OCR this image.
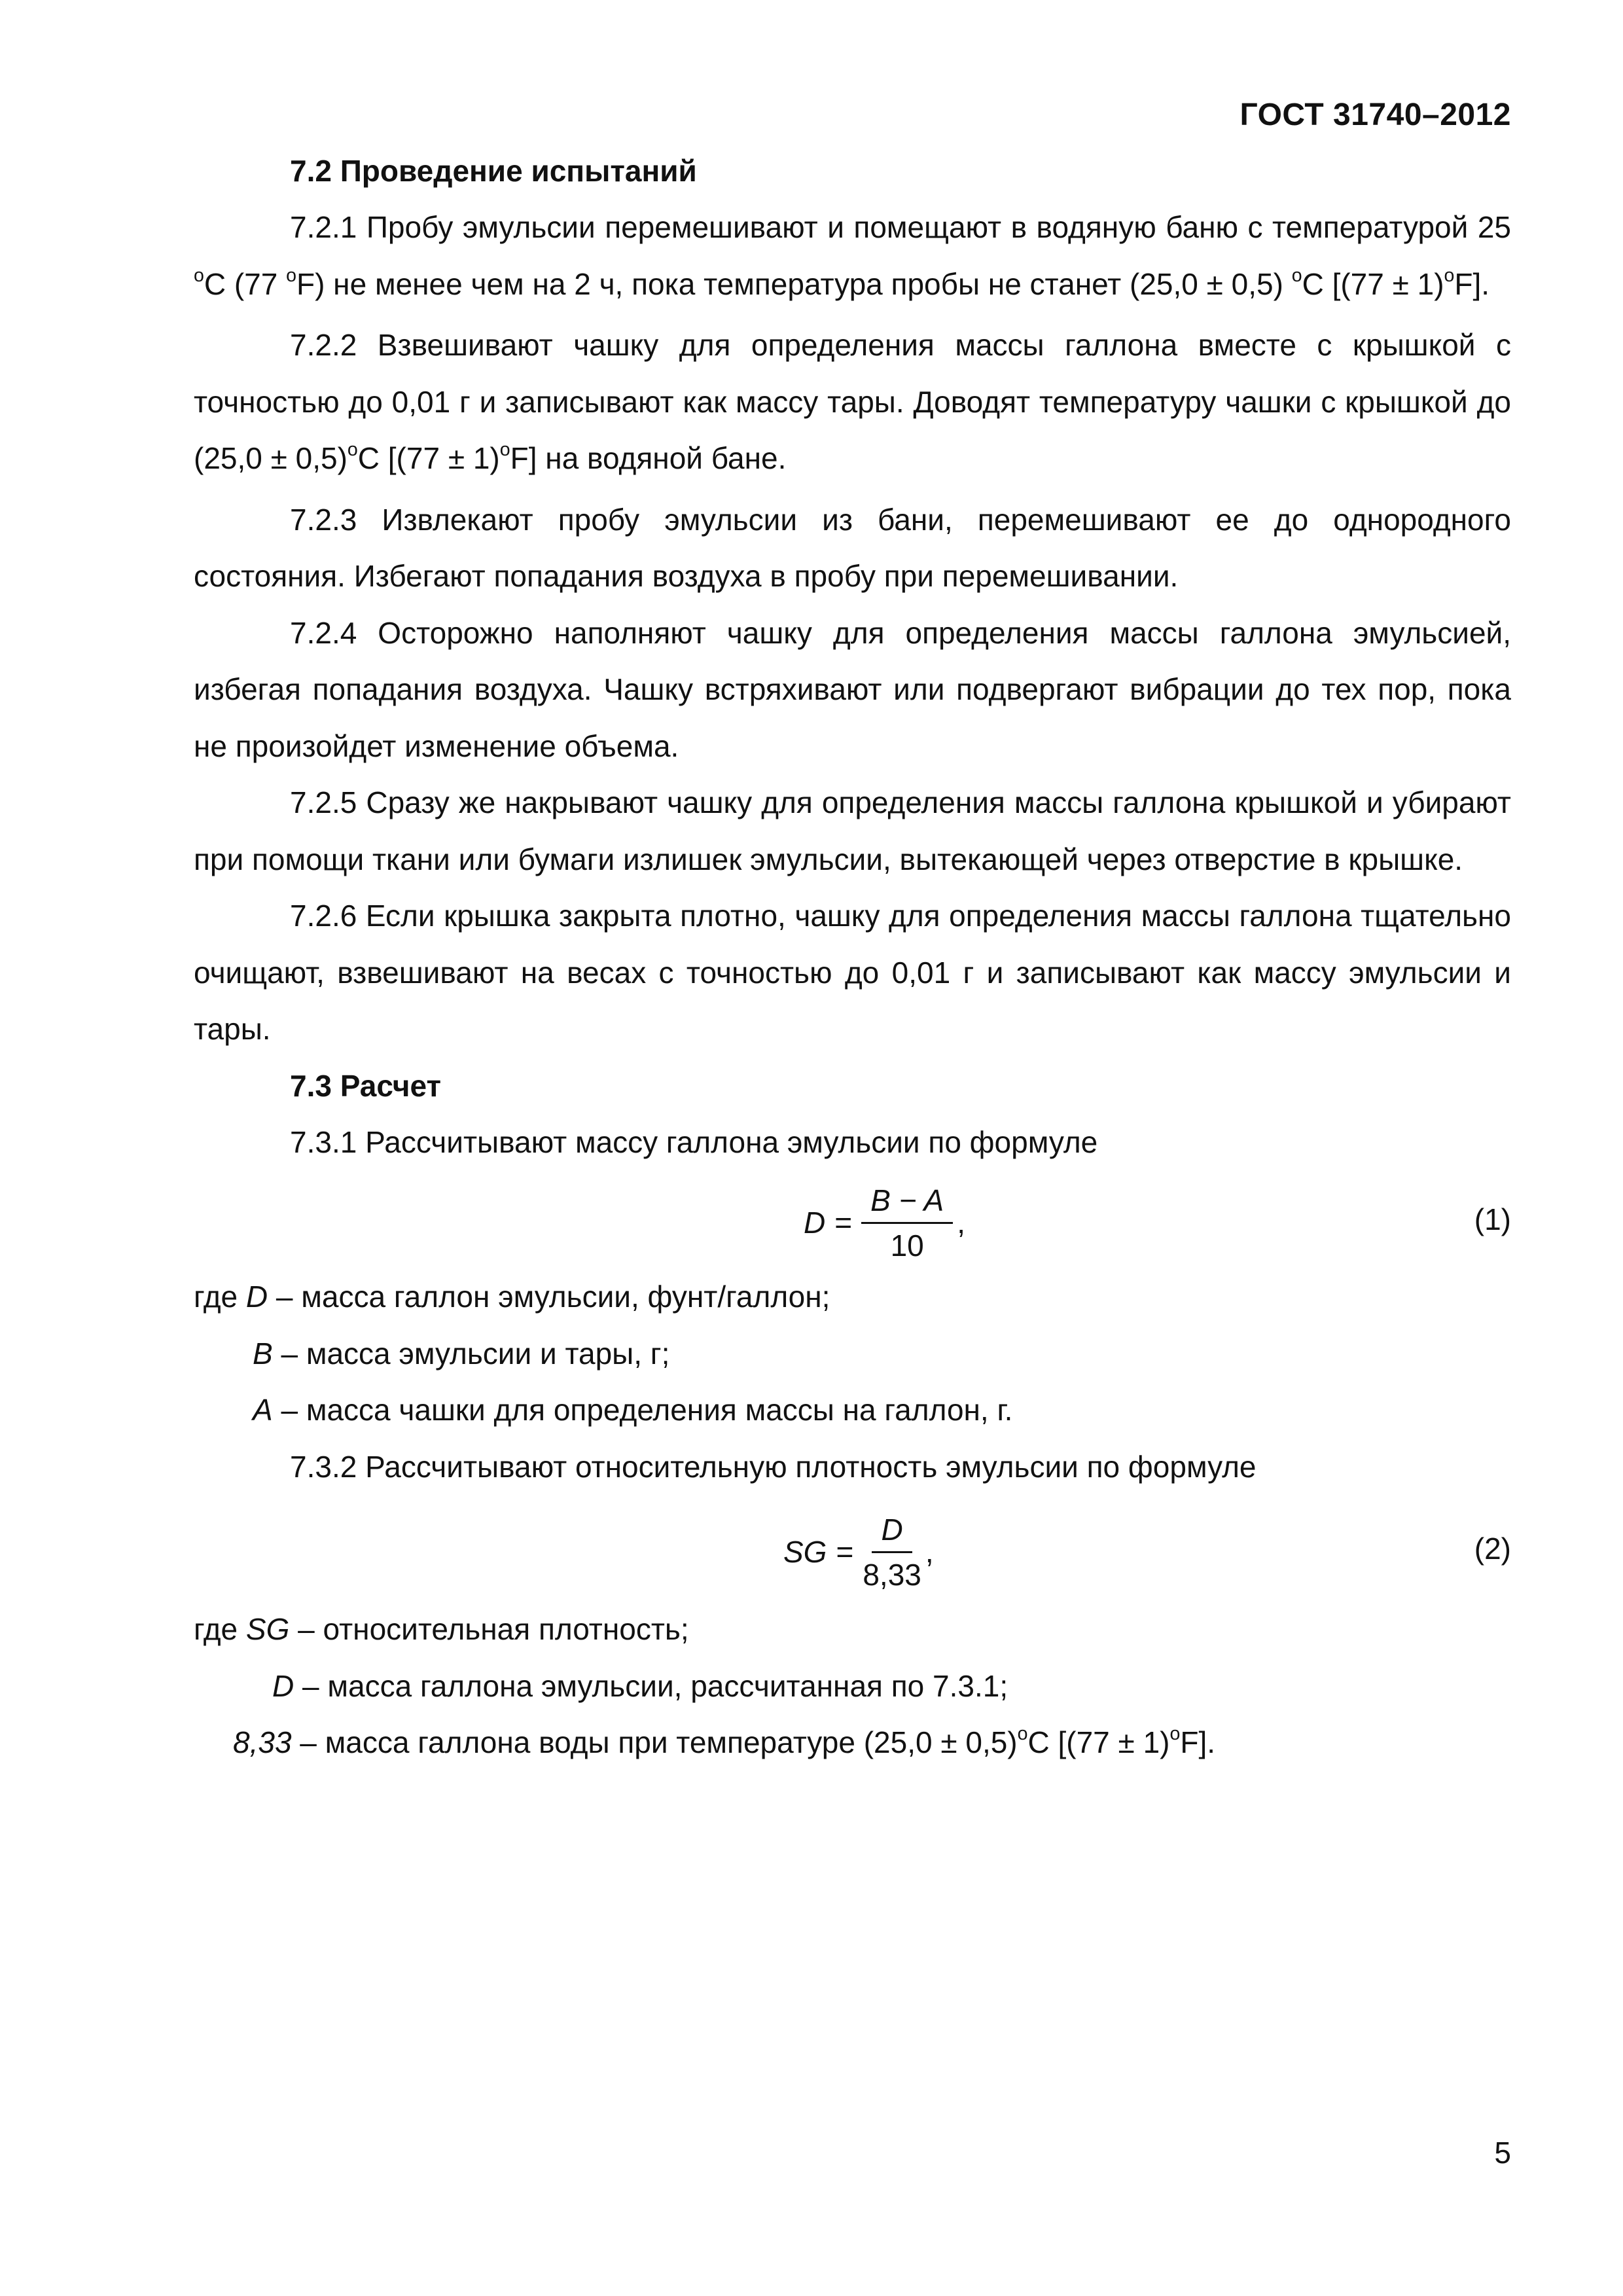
ГОСТ 31740–2012
7.2 Проведение испытаний

7.2.1 Пробу эмульсии перемешивают и помещают в водяную баню с температурой 25 $^o$С (77 $^o$F) не менее чем на 2 ч, пока температура пробы не станет (25,0 ± 0,5) $^o$С $[(77 \pm 1)^oF]$.

7.2.2 Взвешивают чашку для определения массы галлона вместе с крышкой с точностью до 0,01 г и записывают как массу тары. Доводят температуру чашки с крышкой до $(25,0 \pm 0,5)^oС$ $[(77 \pm 1)^oF]$ на водяной бане.

7.2.3 Извлекают пробу эмульсии из бани, перемешивают ее до однородного состояния. Избегают попадания воздуха в пробу при перемешивании.

7.2.4 Осторожно наполняют чашку для определения массы галлона эмульсией, избегая попадания воздуха. Чашку встряхивают или подвергают вибрации до тех пор, пока не произойдет изменение объема.

7.2.5 Сразу же накрывают чашку для определения массы галлона крышкой и убирают при помощи ткани или бумаги излишек эмульсии, вытекающей через отверстие в крышке.

7.2.6 Если крышка закрыта плотно, чашку для определения массы галлона тщательно очищают, взвешивают на весах с точностью до 0,01 г и записывают как массу эмульсии и тары.

7.3 Расчет

7.3.1 Рассчитывают массу галлона эмульсии по формуле

$D = \frac{B - A}{10}$ ,	(1)

где D – масса галлон эмульсии, фунт/галлон;

B – масса эмульсии и тары, г;

A – масса чашки для определения массы на галлон, г.

7.3.2 Рассчитывают относительную плотность эмульсии по формуле

SG = $\frac{D}{8,33}$ ,	(2)

где SG – относительная плотность;

D – масса галлона эмульсии, рассчитанная по 7.3.1;

8,33 – масса галлона воды при температуре $(25,0 \pm 0,5)^oС$ $[(77 \pm 1)^oF]$.

5
